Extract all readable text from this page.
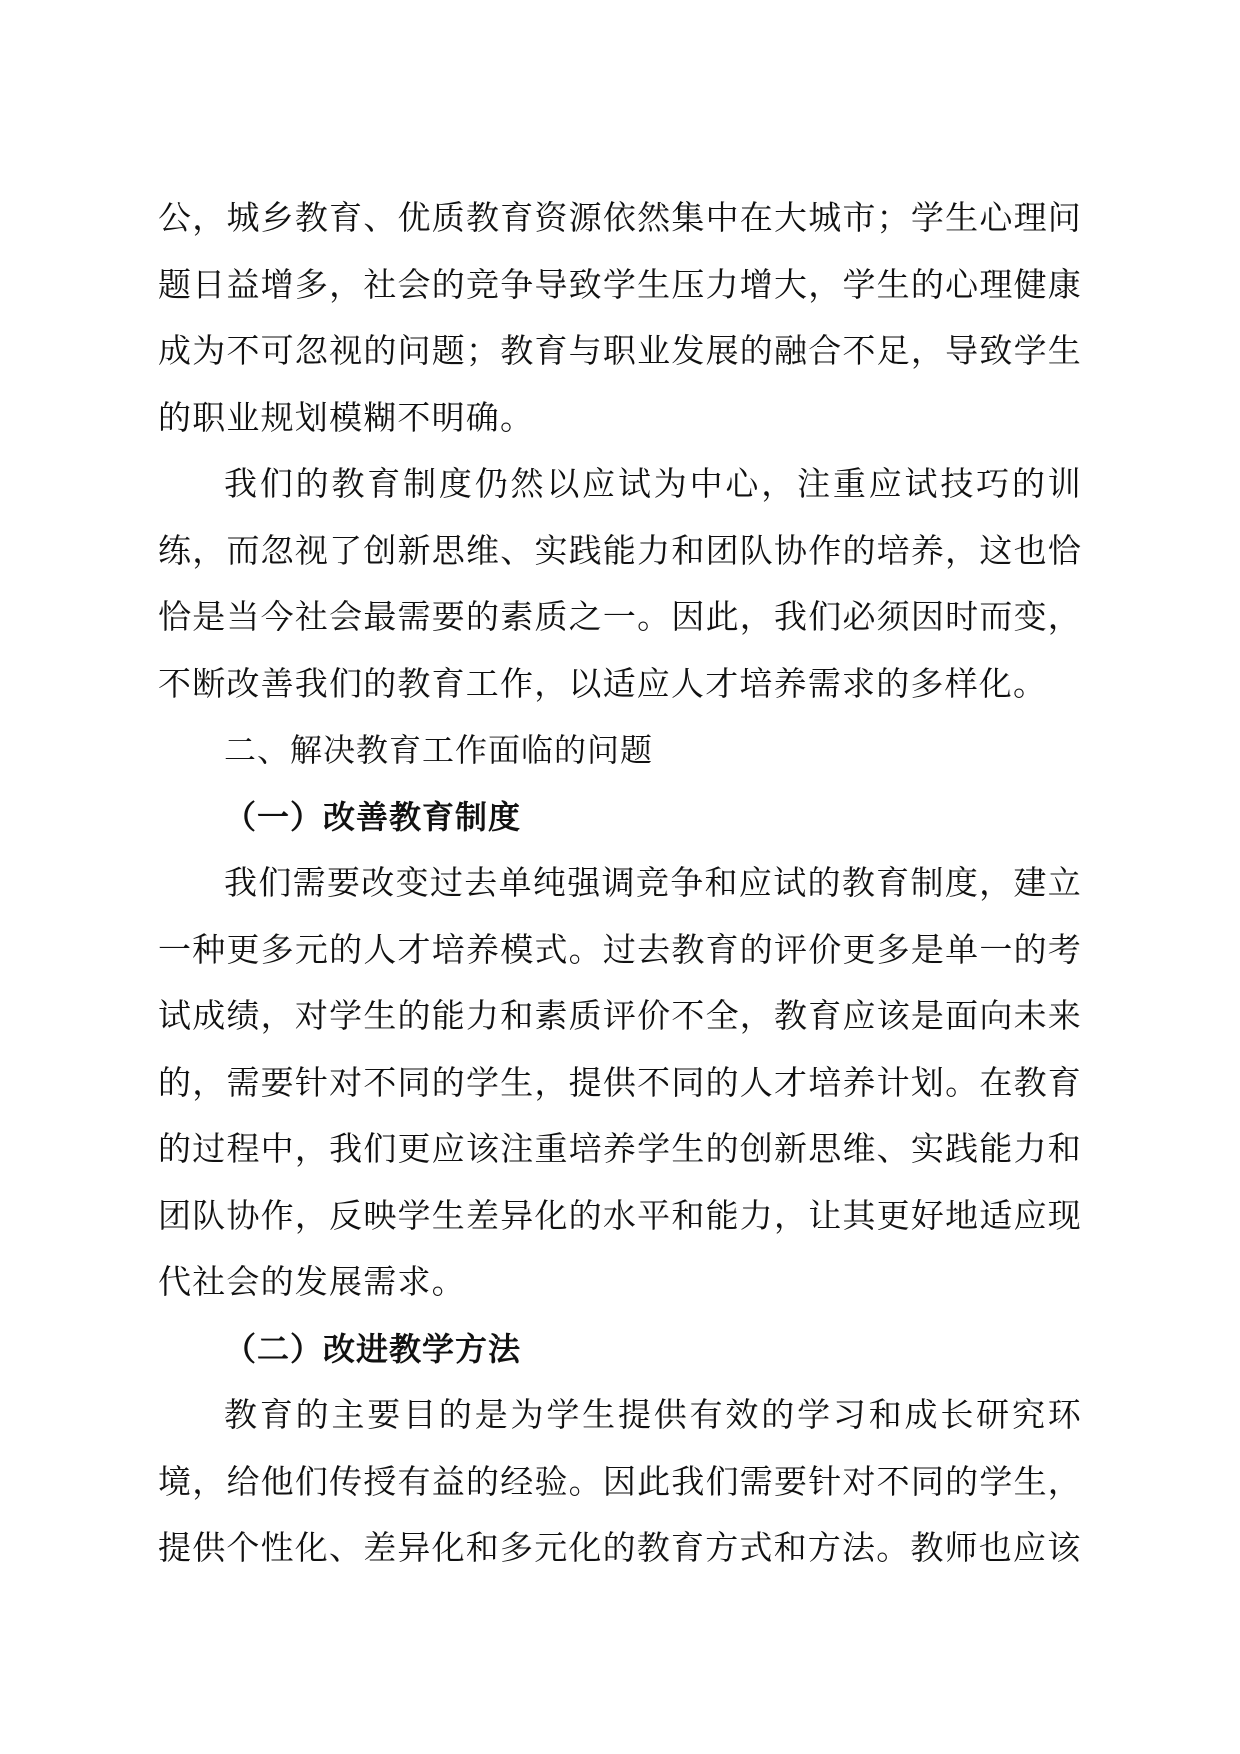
公，城乡教育、优质教育资源依然集中在大城市；学生心理问题日益增多，社会的竞争导致学生压力增大，学生的心理健康成为不可忽视的问题；教育与职业发展的融合不足，导致学生的职业规划模糊不明确。

我们的教育制度仍然以应试为中心，注重应试技巧的训练，而忽视了创新思维、实践能力和团队协作的培养，这也恰恰是当今社会最需要的素质之一。因此，我们必须因时而变，不断改善我们的教育工作，以适应人才培养需求的多样化。

二、解决教育工作面临的问题

（一）改善教育制度

我们需要改变过去单纯强调竞争和应试的教育制度，建立一种更多元的人才培养模式。过去教育的评价更多是单一的考试成绩，对学生的能力和素质评价不全，教育应该是面向未来的，需要针对不同的学生，提供不同的人才培养计划。在教育的过程中，我们更应该注重培养学生的创新思维、实践能力和团队协作，反映学生差异化的水平和能力，让其更好地适应现代社会的发展需求。

（二）改进教学方法

教育的主要目的是为学生提供有效的学习和成长研究环境，给他们传授有益的经验。因此我们需要针对不同的学生，提供个性化、差异化和多元化的教育方式和方法。教师也应该
